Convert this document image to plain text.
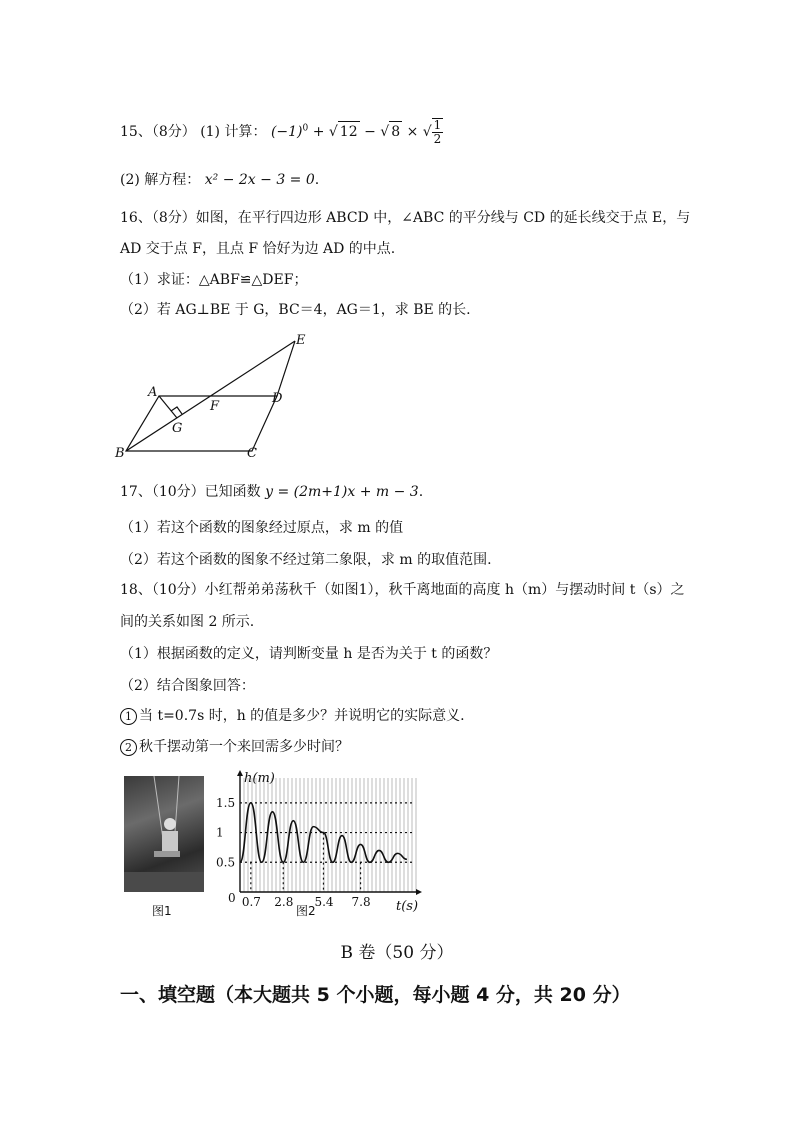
15、（8分） (1) 计算： $(-1)^0$ + √ 12 − √ 8 × √ $\frac{1}{2}$
(2) 解方程： x² − 2x − 3 = 0.
16、（8分）如图，在平行四边形 ABCD 中，∠ABC 的平分线与 CD 的延长线交于点 E，与
AD 交于点 F，且点 F 恰好为边 AD 的中点.
（1）求证：△ABF≌△DEF；
（2）若 AG⊥BE 于 G，BC＝4，AG＝1，求 BE 的长.
A
B	C
D
E
F
G
17、（10分）已知函数 y = (2m+1)x + m − 3.
（1）若这个函数的图象经过原点，求 m 的值
（2）若这个函数的图象不经过第二象限，求 m 的取值范围.
18、（10分）小红帮弟弟荡秋千（如图1），秋千离地面的高度 h（m）与摆动时间 t（s）之
间的关系如图 2 所示.
（1）根据函数的定义，请判断变量 h 是否为关于 t 的函数？
（2）结合图象回答：
1 当 t=0.7s 时，h 的值是多少？并说明它的实际意义.
2 秋千摆动第一个来回需多少时间？
图1
0.5
1
1.5
0.7 2.8 5.4 7.8
0
h(m)
t(s)
图2
B 卷（50 分）
一、填空题（本大题共 5 个小题，每小题 4 分，共 20 分）
